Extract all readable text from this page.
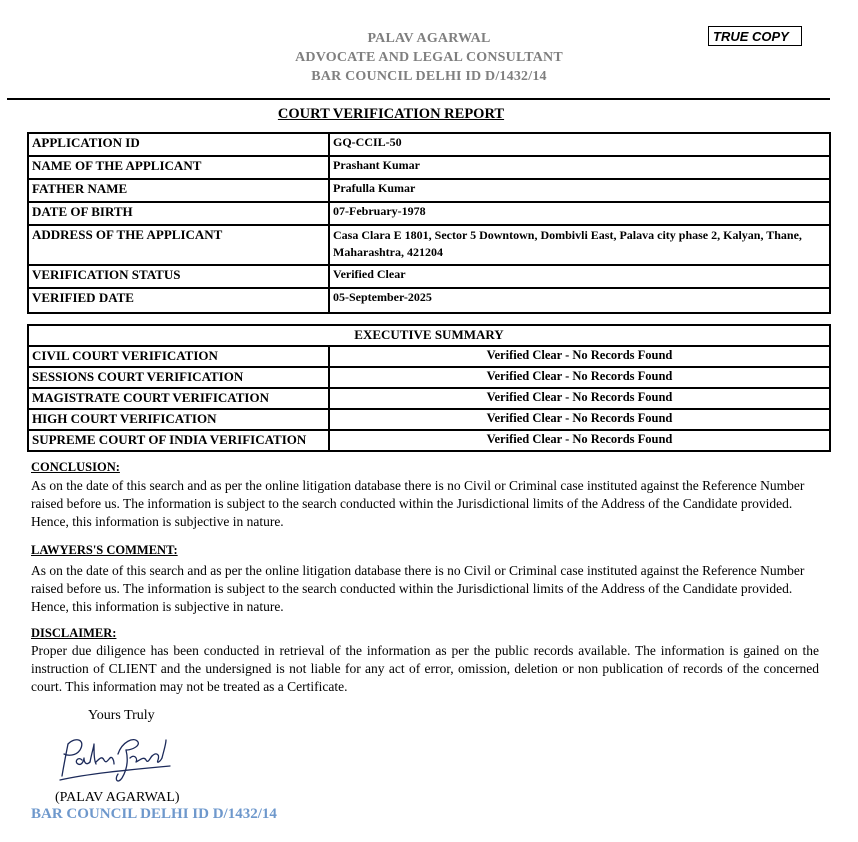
PALAV AGARWAL
ADVOCATE AND LEGAL CONSULTANT
BAR COUNCIL DELHI ID D/1432/14
TRUE COPY
COURT VERIFICATION REPORT
APPLICATION ID	GQ-CCIL-50
NAME OF THE APPLICANT	Prashant Kumar
FATHER NAME	Prafulla Kumar
DATE OF BIRTH	07-February-1978
ADDRESS OF THE APPLICANT	Casa Clara E 1801, Sector 5 Downtown, Dombivli East, Palava city phase 2, Kalyan, Thane, Maharashtra, 421204
VERIFICATION STATUS	Verified Clear
VERIFIED DATE	05-September-2025
EXECUTIVE SUMMARY	
CIVIL COURT VERIFICATION	Verified Clear - No Records Found
SESSIONS COURT VERIFICATION	Verified Clear - No Records Found
MAGISTRATE COURT VERIFICATION	Verified Clear - No Records Found
HIGH COURT VERIFICATION	Verified Clear - No Records Found
SUPREME COURT OF INDIA VERIFICATION	Verified Clear - No Records Found
CONCLUSION:
As on the date of this search and as per the online litigation database there is no Civil or Criminal case instituted against the Reference Number raised before us. The information is subject to the search conducted within the Jurisdictional limits of the Address of the Candidate provided. Hence, this information is subjective in nature.
LAWYERS'S COMMENT:
As on the date of this search and as per the online litigation database there is no Civil or Criminal case instituted against the Reference Number raised before us. The information is subject to the search conducted within the Jurisdictional limits of the Address of the Candidate provided. Hence, this information is subjective in nature.
DISCLAIMER:
Proper due diligence has been conducted in retrieval of the information as per the public records available. The information is gained on the instruction of CLIENT and the undersigned is not liable for any act of error, omission, deletion or non publication of records of the concerned court. This information may not be treated as a Certificate.
Yours Truly
(PALAV AGARWAL)
BAR COUNCIL DELHI ID D/1432/14
